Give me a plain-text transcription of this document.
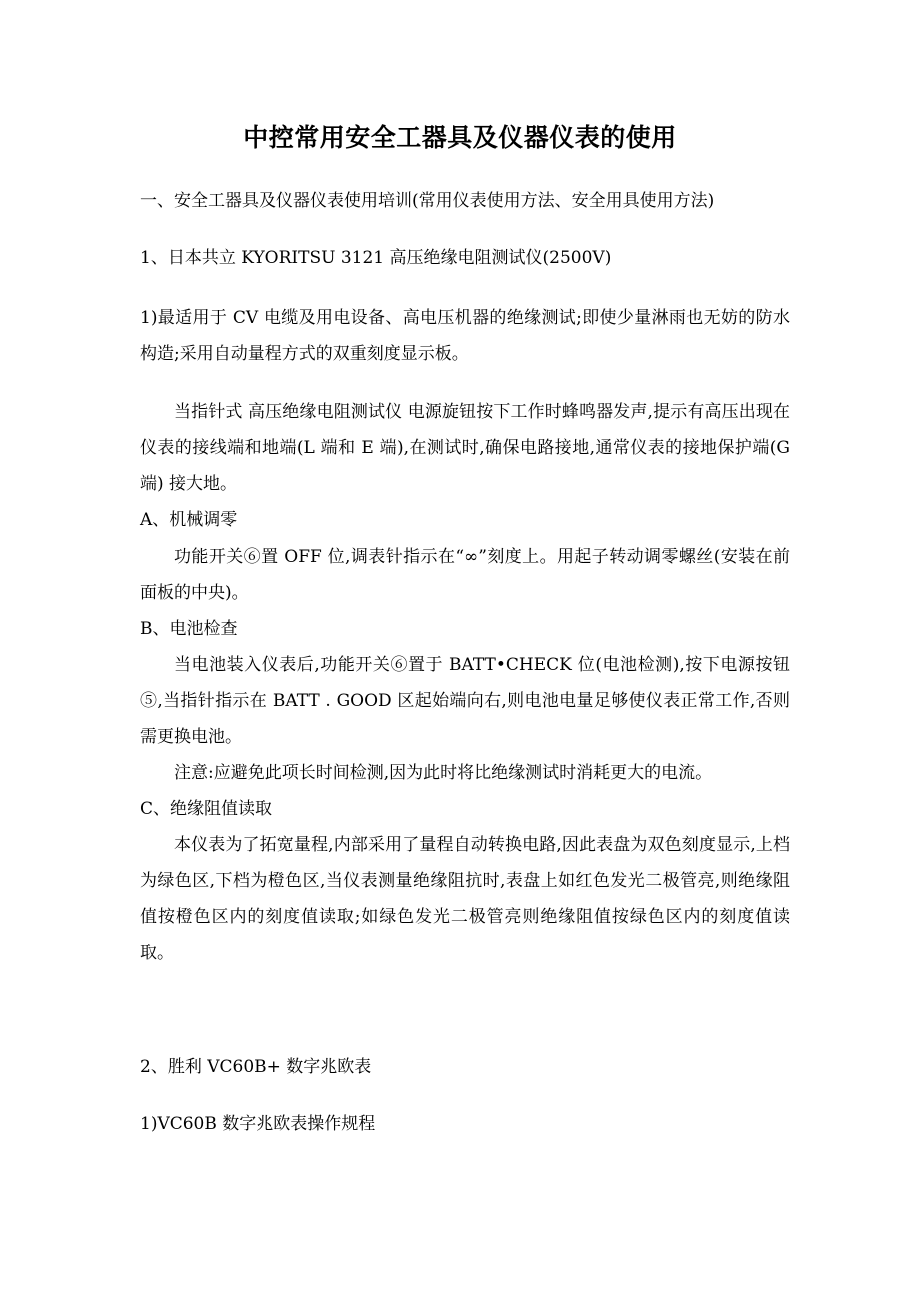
中控常用安全工器具及仪器仪表的使用
一、安全工器具及仪器仪表使用培训(常用仪表使用方法、安全用具使用方法)
1、日本共立 KYORITSU 3121 高压绝缘电阻测试仪(2500V)
1)最适用于 CV 电缆及用电设备、高电压机器的绝缘测试;即使少量淋雨也无妨的防水构造;采用自动量程方式的双重刻度显示板。
当指针式 高压绝缘电阻测试仪 电源旋钮按下工作时蜂鸣器发声,提示有高压出现在仪表的接线端和地端(L 端和 E 端),在测试时,确保电路接地,通常仪表的接地保护端(G 端) 接大地。
A、机械调零
功能开关⑥置 OFF 位,调表针指示在“∞”刻度上。用起子转动调零螺丝(安装在前面板的中央)。
B、电池检查
当电池装入仪表后,功能开关⑥置于 BATT•CHECK 位(电池检测),按下电源按钮⑤,当指针指示在 BATT . GOOD 区起始端向右,则电池电量足够使仪表正常工作,否则需更换电池。
注意:应避免此项长时间检测,因为此时将比绝缘测试时消耗更大的电流。
C、绝缘阻值读取
本仪表为了拓宽量程,内部采用了量程自动转换电路,因此表盘为双色刻度显示,上档为绿色区,下档为橙色区,当仪表测量绝缘阻抗时,表盘上如红色发光二极管亮,则绝缘阻值按橙色区内的刻度值读取;如绿色发光二极管亮则绝缘阻值按绿色区内的刻度值读取。
2、胜利 VC60B+ 数字兆欧表
1)VC60B 数字兆欧表操作规程
